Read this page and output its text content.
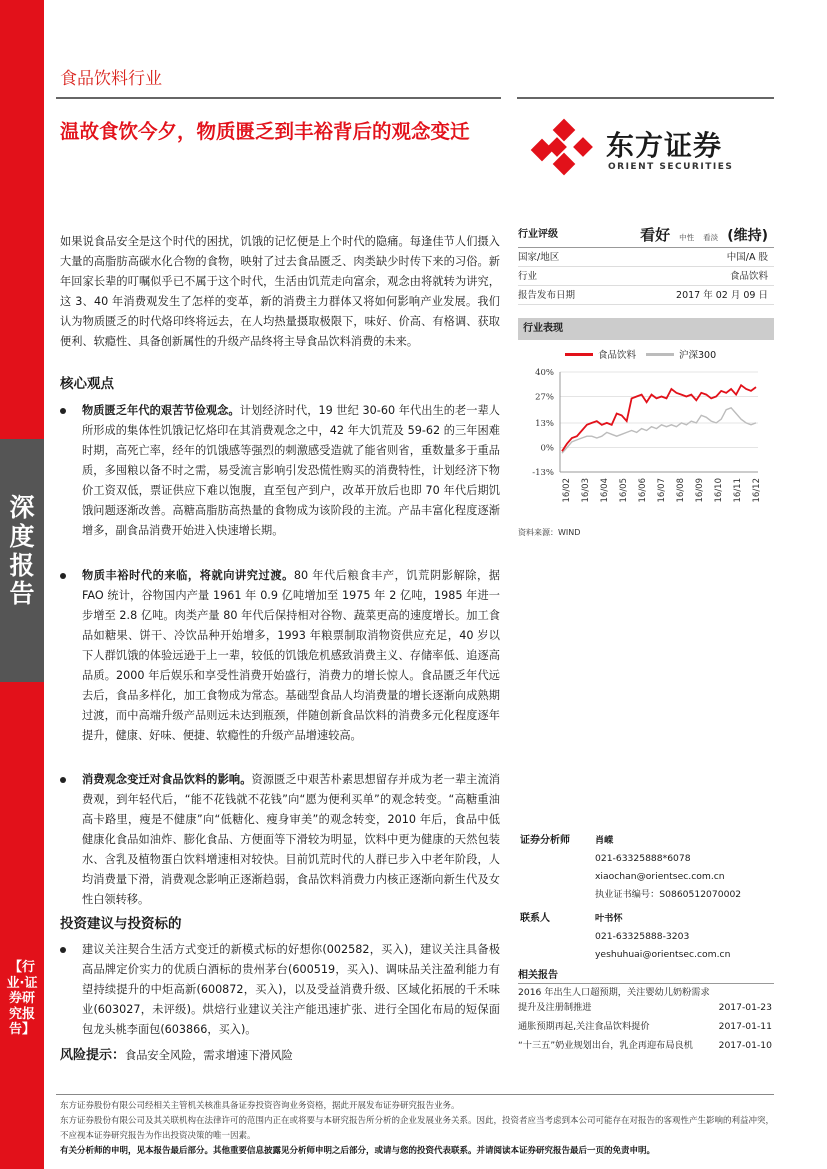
深度报告
【行业·证券研究报告】
食品饮料行业
温故食饮今夕，物质匮乏到丰裕背后的观念变迁	东方证券
ORIENT SECURITIES
如果说食品安全是这个时代的困扰，饥饿的记忆便是上个时代的隐痛。每逢佳节人们摄入大量的高脂肪高碳水化合物的食物，映射了过去食品匮乏、肉类缺少时传下来的习俗。新年回家长辈的叮嘱似乎已不属于这个时代，生活由饥荒走向富余，观念由将就转为讲究，这 3、40 年消费观发生了怎样的变革，新的消费主力群体又将如何影响产业发展。我们认为物质匮乏的时代烙印终将远去，在人均热量摄取极限下，味好、价高、有格调、获取便利、软瘾性、具备创新属性的升级产品终将主导食品饮料消费的未来。
核心观点
物质匮乏年代的艰苦节俭观念。计划经济时代，19 世纪 30-60 年代出生的老一辈人所形成的集体性饥饿记忆烙印在其消费观念之中，42 年大饥荒及 59-62 的三年困难时期，高死亡率，经年的饥饿感等强烈的刺激感受造就了能省则省，重数量多于重品质，多囤粮以备不时之需，易受流言影响引发恐慌性购买的消费特性，计划经济下物价工资双低，票证供应下难以饱腹，直至包产到户，改革开放后也即 70 年代后期饥饿问题逐渐改善。高糖高脂肪高热量的食物成为该阶段的主流。产品丰富化程度逐渐增多，副食品消费开始进入快速增长期。
物质丰裕时代的来临，将就向讲究过渡。80 年代后粮食丰产，饥荒阴影解除，据 FAO 统计，谷物国内产量 1961 年 0.9 亿吨增加至 1975 年 2 亿吨，1985 年进一步增至 2.8 亿吨。肉类产量 80 年代后保持相对谷物、蔬菜更高的速度增长。加工食品如糖果、饼干、冷饮品种开始增多，1993 年粮票制取消物资供应充足，40 岁以下人群饥饿的体验远逊于上一辈，较低的饥饿危机感致消费主义、存储率低、追逐高品质。2000 年后娱乐和享受性消费开始盛行，消费力的增长惊人。食品匮乏年代远去后，食品多样化，加工食物成为常态。基础型食品人均消费量的增长逐渐向成熟期过渡，而中高端升级产品则远未达到瓶颈，伴随创新食品饮料的消费多元化程度逐年提升，健康、好味、便捷、软瘾性的升级产品增速较高。
消费观念变迁对食品饮料的影响。资源匮乏中艰苦朴素思想留存并成为老一辈主流消费观，到年轻代后，“能不花钱就不花钱”向“愿为便利买单”的观念转变。“高糖重油高卡路里，瘦是不健康”向“低糖化、瘦身审美”的观念转变，2010 年后，食品中低健康化食品如油炸、膨化食品、方便面等下滑较为明显，饮料中更为健康的天然包装水、含乳及植物蛋白饮料增速相对较快。目前饥荒时代的人群已步入中老年阶段，人均消费量下滑，消费观念影响正逐渐趋弱，食品饮料消费力内核正逐渐向新生代及女性白领转移。
投资建议与投资标的
建议关注契合生活方式变迁的新模式标的好想你(002582，买入)，建议关注具备极高品牌定价实力的优质白酒标的贵州茅台(600519，买入)、调味品关注盈利能力有望持续提升的中炬高新(600872，买入)，以及受益消费升级、区域化拓展的千禾味业(603027，未评级)。烘焙行业建议关注产能迅速扩张、进行全国化布局的短保面包龙头桃李面包(603866，买入)。
风险提示：食品安全风险，需求增速下滑风险
行业评级	看好 中性 看淡 (维持)
国家/地区	中国/A 股
行业	食品饮料
报告发布日期	2017 年 02 月 09 日
行业表现
食品饮料	沪深300
40%
27%
13%
0%
-13%
16/02 16/03 16/04 16/05 16/06 16/07 16/08 16/09 16/10 16/11 16/12
资料来源：WIND
证券分析师	肖嵘
021-63325888*6078
xiaochan@orientsec.com.cn
执业证书编号：S0860512070002
联系人	叶书怀
021-63325888-3203
yeshuhuai@orientsec.com.cn
相关报告
2016 年出生人口超预期，关注婴幼儿奶粉需求提升及注册制推进	2017-01-23
通胀预期再起,关注食品饮料提价	2017-01-11
“十三五”奶业规划出台，乳企再迎布局良机	2017-01-10
东方证券股份有限公司经相关主管机关核准具备证券投资咨询业务资格，据此开展发布证券研究报告业务。
东方证券股份有限公司及其关联机构在法律许可的范围内正在或将要与本研究报告所分析的企业发展业务关系。因此，投资者应当考虑到本公司可能存在对报告的客观性产生影响的利益冲突，不应视本证券研究报告为作出投资决策的唯一因素。
有关分析师的申明，见本报告最后部分。其他重要信息披露见分析师申明之后部分，或请与您的投资代表联系。并请阅读本证券研究报告最后一页的免责申明。
